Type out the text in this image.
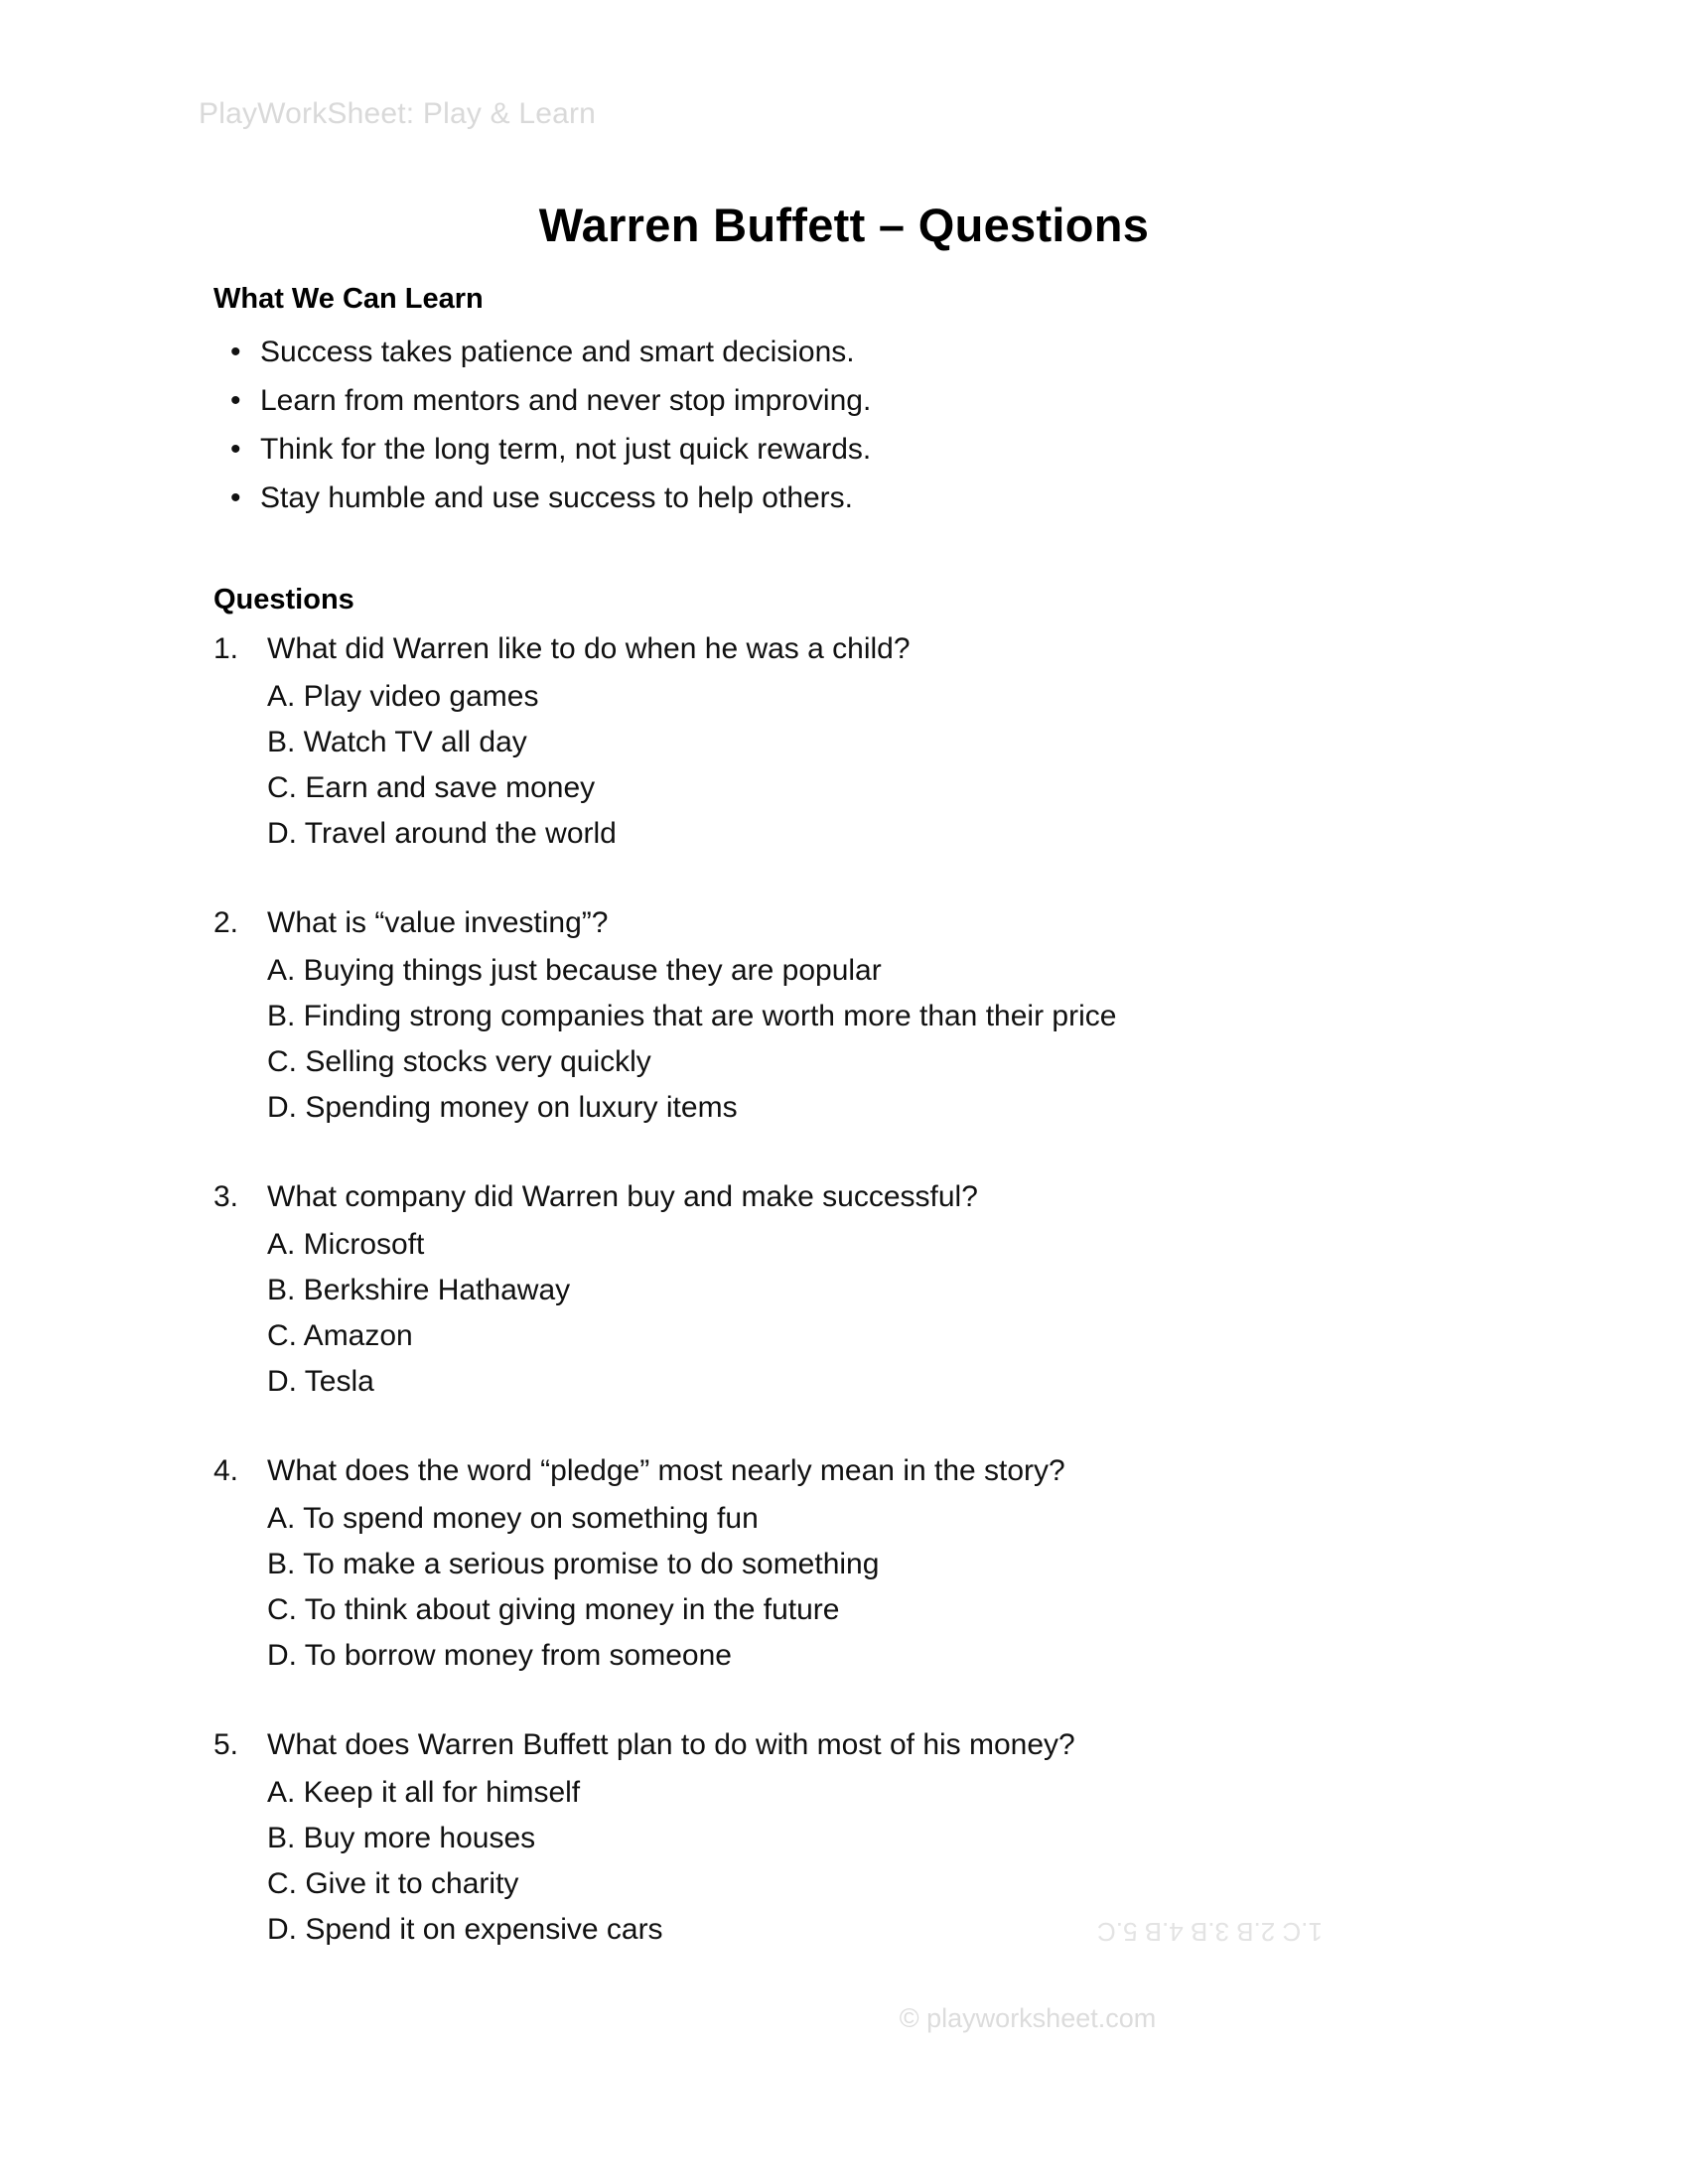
PlayWorkSheet: Play & Learn
Warren Buffett – Questions
What We Can Learn
• Success takes patience and smart decisions.
• Learn from mentors and never stop improving.
• Think for the long term, not just quick rewards.
• Stay humble and use success to help others.
Questions
1. What did Warren like to do when he was a child?
A. Play video games
B. Watch TV all day
C. Earn and save money
D. Travel around the world
2. What is “value investing”?
A. Buying things just because they are popular
B. Finding strong companies that are worth more than their price
C. Selling stocks very quickly
D. Spending money on luxury items
3. What company did Warren buy and make successful?
A. Microsoft
B. Berkshire Hathaway
C. Amazon
D. Tesla
4. What does the word “pledge” most nearly mean in the story?
A. To spend money on something fun
B. To make a serious promise to do something
C. To think about giving money in the future
D. To borrow money from someone
5. What does Warren Buffett plan to do with most of his money?
A. Keep it all for himself
B. Buy more houses
C. Give it to charity
D. Spend it on expensive cars	1.C 2.B 3.B 4.B 5.C
© playworksheet.com
